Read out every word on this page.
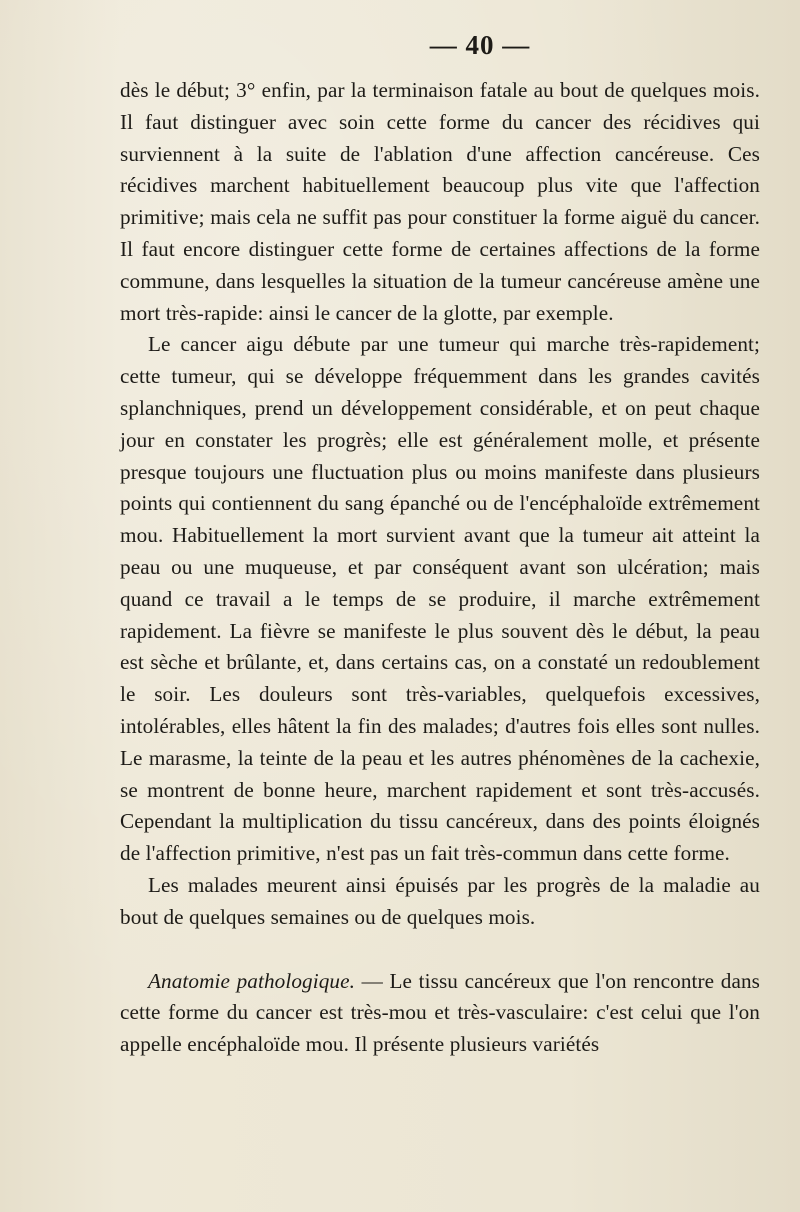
— 40 —

dès le début; 3° enfin, par la terminaison fatale au bout de quelques mois. Il faut distinguer avec soin cette forme du cancer des récidives qui surviennent à la suite de l'ablation d'une affection cancéreuse. Ces récidives marchent habituellement beaucoup plus vite que l'affection primitive; mais cela ne suffit pas pour constituer la forme aiguë du cancer. Il faut encore distinguer cette forme de certaines affections de la forme commune, dans lesquelles la situation de la tumeur cancéreuse amène une mort très-rapide: ainsi le cancer de la glotte, par exemple.

Le cancer aigu débute par une tumeur qui marche très-rapidement; cette tumeur, qui se développe fréquemment dans les grandes cavités splanchniques, prend un développement considérable, et on peut chaque jour en constater les progrès; elle est généralement molle, et présente presque toujours une fluctuation plus ou moins manifeste dans plusieurs points qui contiennent du sang épanché ou de l'encéphaloïde extrêmement mou. Habituellement la mort survient avant que la tumeur ait atteint la peau ou une muqueuse, et par conséquent avant son ulcération; mais quand ce travail a le temps de se produire, il marche extrêmement rapidement. La fièvre se manifeste le plus souvent dès le début, la peau est sèche et brûlante, et, dans certains cas, on a constaté un redoublement le soir. Les douleurs sont très-variables, quelquefois excessives, intolérables, elles hâtent la fin des malades; d'autres fois elles sont nulles. Le marasme, la teinte de la peau et les autres phénomènes de la cachexie, se montrent de bonne heure, marchent rapidement et sont très-accusés. Cependant la multiplication du tissu cancéreux, dans des points éloignés de l'affection primitive, n'est pas un fait très-commun dans cette forme.

Les malades meurent ainsi épuisés par les progrès de la maladie au bout de quelques semaines ou de quelques mois.

Anatomie pathologique. — Le tissu cancéreux que l'on rencontre dans cette forme du cancer est très-mou et très-vasculaire: c'est celui que l'on appelle encéphaloïde mou. Il présente plusieurs variétés
